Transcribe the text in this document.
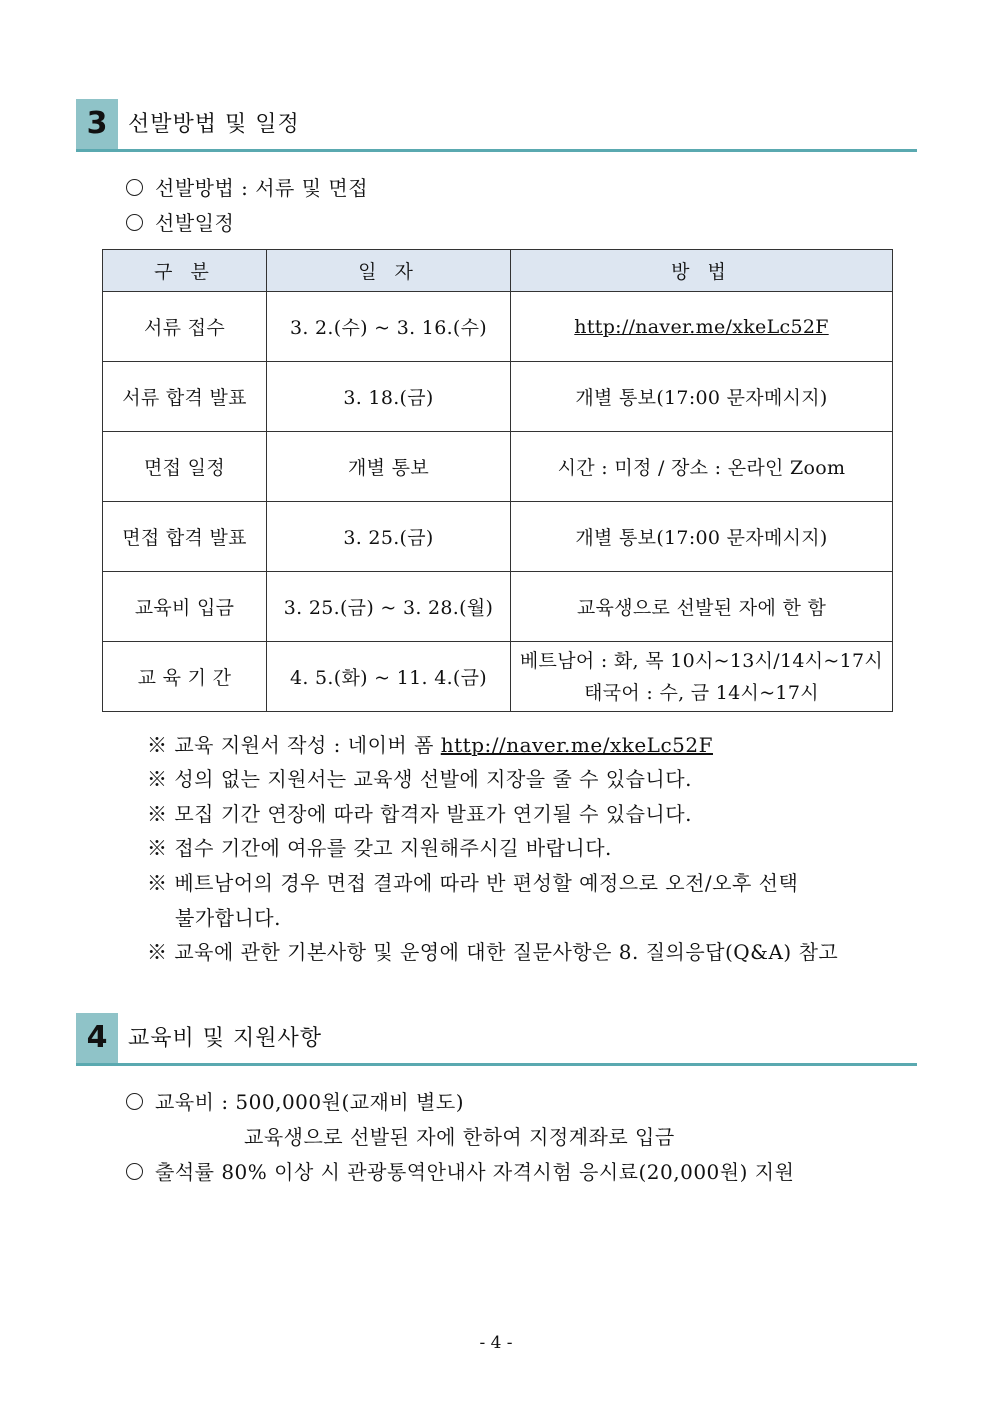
3 선발방법 및 일정
선발방법 : 서류 및 면접
선발일정
구 분	일 자	방 법
서류 접수	3. 2.(수) ~ 3. 16.(수)	http://naver.me/xkeLc52F
서류 합격 발표	3. 18.(금)	개별 통보(17:00 문자메시지)
면접 일정	개별 통보	시간 : 미정 / 장소 : 온라인 Zoom
면접 합격 발표	3. 25.(금)	개별 통보(17:00 문자메시지)
교육비 입금	3. 25.(금) ~ 3. 28.(월)	교육생으로 선발된 자에 한 함
교 육 기 간	4. 5.(화) ~ 11. 4.(금)	베트남어 : 화, 목 10시~13시/14시~17시
태국어 : 수, 금 14시~17시
※ 교육 지원서 작성 : 네이버 폼 http://naver.me/xkeLc52F
※ 성의 없는 지원서는 교육생 선발에 지장을 줄 수 있습니다.
※ 모집 기간 연장에 따라 합격자 발표가 연기될 수 있습니다.
※ 접수 기간에 여유를 갖고 지원해주시길 바랍니다.
※ 베트남어의 경우 면접 결과에 따라 반 편성할 예정으로 오전/오후 선택
불가합니다.
※ 교육에 관한 기본사항 및 운영에 대한 질문사항은 8. 질의응답(Q&A) 참고
4 교육비 및 지원사항
교육비 : 500,000원(교재비 별도)
교육생으로 선발된 자에 한하여 지정계좌로 입금
출석률 80% 이상 시 관광통역안내사 자격시험 응시료(20,000원) 지원
- 4 -
